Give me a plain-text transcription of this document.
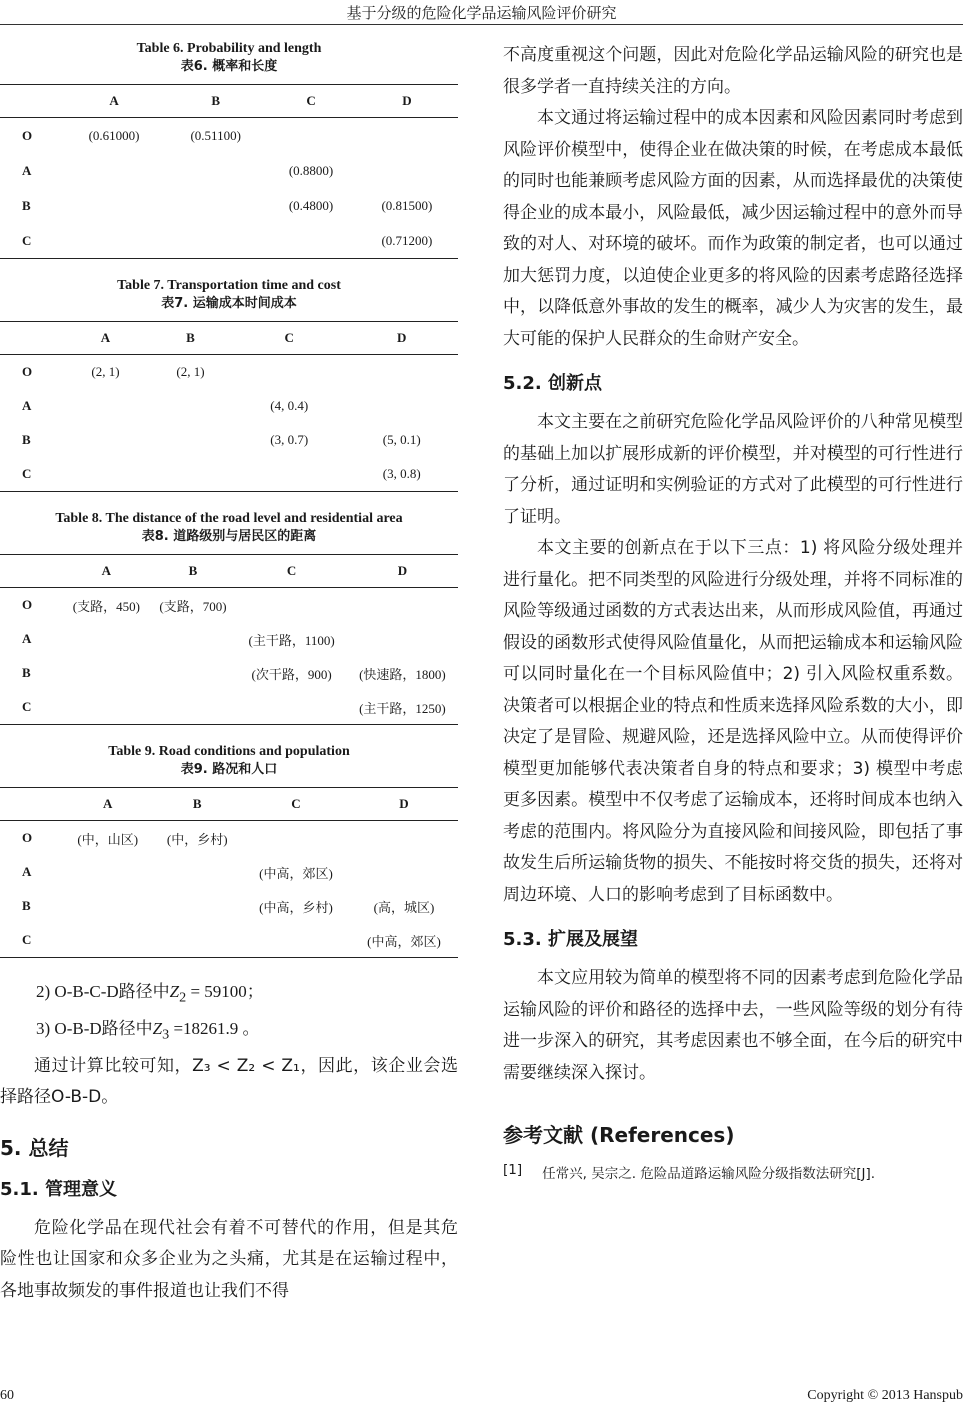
基于分级的危险化学品运输风险评价研究
Table 6. Probability and length
表6. 概率和长度
	A	B	C	D
O	(0.61000)	(0.51100)		
A			(0.8800)	
B			(0.4800)	(0.81500)
C				(0.71200)
Table 7. Transportation time and cost
表7. 运输成本时间成本
	A	B	C	D
O	(2, 1)	(2, 1)		
A			(4, 0.4)	
B			(3, 0.7)	(5, 0.1)
C				(3, 0.8)
Table 8. The distance of the road level and residential area
表8. 道路级别与居民区的距离
	A	B	C	D
O	(支路，450)	(支路，700)		
A			(主干路，1100)	
B			(次干路，900)	(快速路，1800)
C				(主干路，1250)
Table 9. Road conditions and population
表9. 路况和人口
	A	B	C	D
O	(中，山区)	(中，乡村)		
A			(中高，郊区)	
B			(中高，乡村)	(高，城区)
C				(中高，郊区)
2) O-B-C-D路径中$Z_2 = 59100$；
3) O-B-D路径中$Z_3 =18261.9$ 。

通过计算比较可知，Z₃ < Z₂ < Z₁，因此，该企业会选择路径O-B-D。

5. 总结
5.1. 管理意义

危险化学品在现代社会有着不可替代的作用，但是其危险性也让国家和众多企业为之头痛，尤其是在运输过程中，各地事故频发的事件报道也让我们不得

不高度重视这个问题，因此对危险化学品运输风险的研究也是很多学者一直持续关注的方向。

本文通过将运输过程中的成本因素和风险因素同时考虑到风险评价模型中，使得企业在做决策的时候，在考虑成本最低的同时也能兼顾考虑风险方面的因素，从而选择最优的决策使得企业的成本最小，风险最低，减少因运输过程中的意外而导致的对人、对环境的破坏。而作为政策的制定者，也可以通过加大惩罚力度，以迫使企业更多的将风险的因素考虑路径选择中，以降低意外事故的发生的概率，减少人为灾害的发生，最大可能的保护人民群众的生命财产安全。

5.2. 创新点

本文主要在之前研究危险化学品风险评价的八种常见模型的基础上加以扩展形成新的评价模型，并对模型的可行性进行了分析，通过证明和实例验证的方式对了此模型的可行性进行了证明。

本文主要的创新点在于以下三点：1) 将风险分级处理并进行量化。把不同类型的风险进行分级处理，并将不同标准的风险等级通过函数的方式表达出来，从而形成风险值，再通过假设的函数形式使得风险值量化，从而把运输成本和运输风险可以同时量化在一个目标风险值中；2) 引入风险权重系数。决策者可以根据企业的特点和性质来选择风险系数的大小，即决定了是冒险、规避风险，还是选择风险中立。从而使得评价模型更加能够代表决策者自身的特点和要求；3) 模型中考虑更多因素。模型中不仅考虑了运输成本，还将时间成本也纳入考虑的范围内。将风险分为直接风险和间接风险，即包括了事故发生后所运输货物的损失、不能按时将交货的损失，还将对周边环境、人口的影响考虑到了目标函数中。

5.3. 扩展及展望

本文应用较为简单的模型将不同的因素考虑到危险化学品运输风险的评价和路径的选择中去，一些风险等级的划分有待进一步深入的研究，其考虑因素也不够全面，在今后的研究中需要继续深入探讨。

参考文献 (References)
[1] 任常兴, 吴宗之. 危险品道路运输风险分级指数法研究[J].
60	Copyright © 2013 Hanspub
